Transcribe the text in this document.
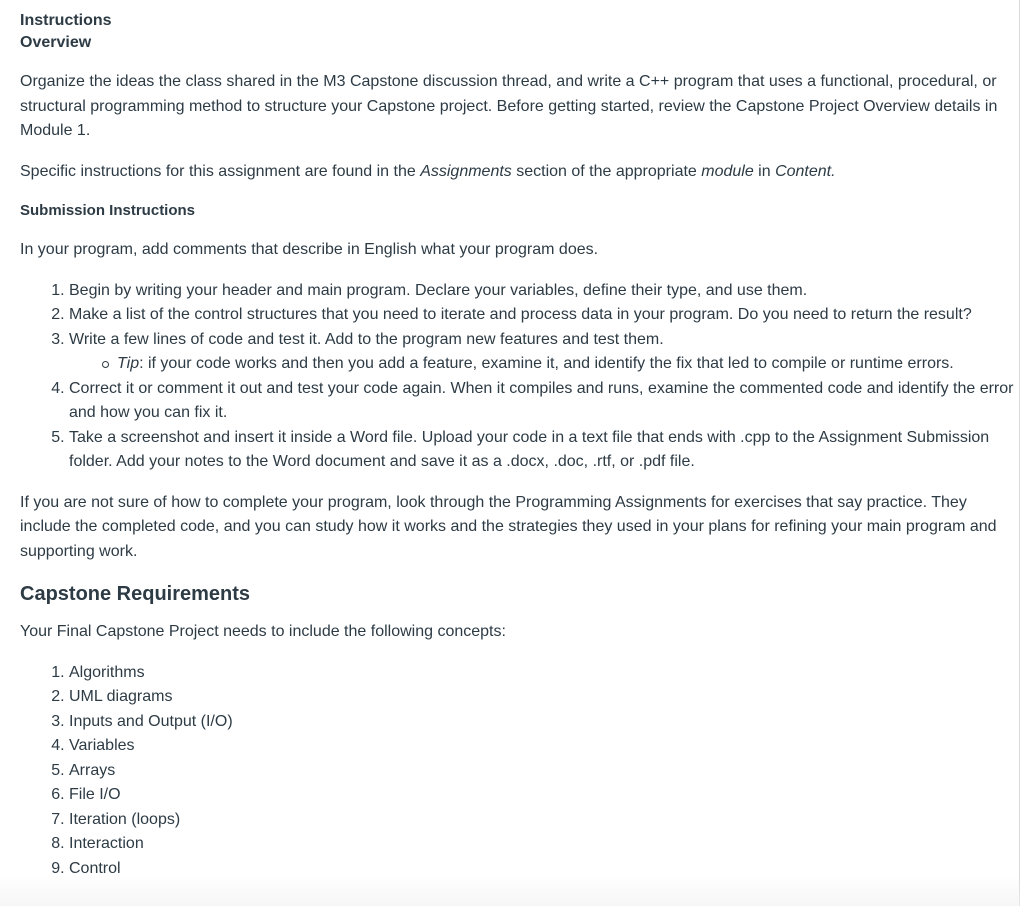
Instructions
Overview

Organize the ideas the class shared in the M3 Capstone discussion thread, and write a C++ program that uses a functional, procedural, or structural programming method to structure your Capstone project. Before getting started, review the Capstone Project Overview details in Module 1.

Specific instructions for this assignment are found in the Assignments section of the appropriate module in Content.

Submission Instructions

In your program, add comments that describe in English what your program does.

1. Begin by writing your header and main program. Declare your variables, define their type, and use them.
2. Make a list of the control structures that you need to iterate and process data in your program. Do you need to return the result?
3. Write a few lines of code and test it. Add to the program new features and test them.
Tip: if your code works and then you add a feature, examine it, and identify the fix that led to compile or runtime errors.
4. Correct it or comment it out and test your code again. When it compiles and runs, examine the commented code and identify the error and how you can fix it.
5. Take a screenshot and insert it inside a Word file. Upload your code in a text file that ends with .cpp to the Assignment Submission folder. Add your notes to the Word document and save it as a .docx, .doc, .rtf, or .pdf file.

If you are not sure of how to complete your program, look through the Programming Assignments for exercises that say practice. They include the completed code, and you can study how it works and the strategies they used in your plans for refining your main program and supporting work.

Capstone Requirements

Your Final Capstone Project needs to include the following concepts:

1. Algorithms
2. UML diagrams
3. Inputs and Output (I/O)
4. Variables
5. Arrays
6. File I/O
7. Iteration (loops)
8. Interaction
9. Control
